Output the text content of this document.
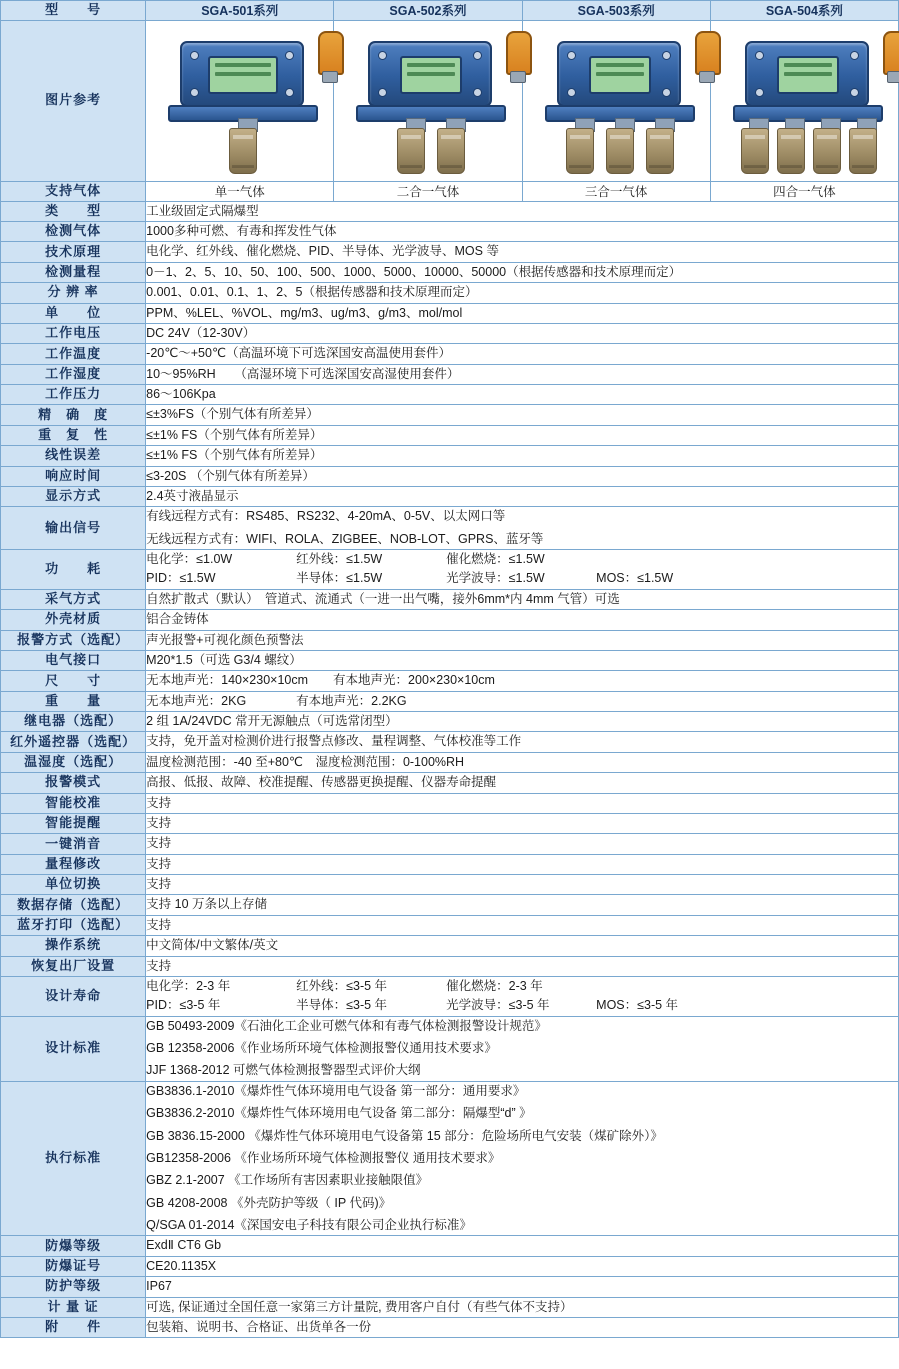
型　　号	SGA-501系列	SGA-502系列	SGA-503系列	SGA-504系列
图片参考	

支持气体	单一气体	二合一气体	三合一气体	四合一气体
类　　型	工业级固定式隔爆型			
检测气体	1000多种可燃、有毒和挥发性气体			
技术原理	电化学、红外线、催化燃烧、PID、半导体、光学波导、MOS 等			
检测量程	0－1、2、5、10、50、100、500、1000、5000、10000、50000（根据传感器和技术原理而定）			
分 辨 率	0.001、0.01、0.1、1、2、5（根据传感器和技术原理而定）			
单　　位	PPM、%LEL、%VOL、mg/m3、ug/m3、g/m3、mol/mol			
工作电压	DC 24V（12-30V）			
工作温度	-20℃～+50℃（高温环境下可选深国安高温使用套件）			
工作湿度	10～95%RH　　（高湿环境下可选深国安高湿使用套件）			
工作压力	86～106Kpa			
精　确　度	≤±3%FS（个别气体有所差异）			
重　复　性	≤±1% FS（个别气体有所差异）			
线性误差	≤±1% FS（个别气体有所差异）			
响应时间	≤3-20S （个别气体有所差异）			
显示方式	2.4英寸液晶显示			
输出信号	有线远程方式有：RS485、RS232、4-20mA、0-5V、以太网口等
无线远程方式有：WIFI、ROLA、ZIGBEE、NOB-LOT、GPRS、蓝牙等			

功　　耗	
电化学：≤1.0W	红外线：≤1.5W	催化燃烧：≤1.5W
PID：≤1.5W	半导体：≤1.5W	光学波导：≤1.5W	MOS：≤1.5W

采气方式	自然扩散式（默认）　管道式、流通式（一进一出气嘴，接外6mm*内 4mm 气管）可选			
外壳材质	铝合金铸体			
报警方式（选配）	声光报警+可视化颜色预警法			
电气接口	M20*1.5（可选 G3/4 螺纹）			
尺　　寸	无本地声光：140×230×10cm　　有本地声光：200×230×10cm			
重　　量	无本地声光：2KG　　　　有本地声光：2.2KG			
继电器（选配）	2 组 1A/24VDC 常开无源触点（可选常闭型）			
红外遥控器（选配）	支持，免开盖对检测价进行报警点修改、量程调整、气体校准等工作			
温湿度（选配）	温度检测范围：-40 至+80℃　湿度检测范围：0-100%RH			
报警模式	高报、低报、故障、校准提醒、传感器更换提醒、仪器寿命提醒			
智能校准	支持			
智能提醒	支持			
一键消音	支持			
量程修改	支持			
单位切换	支持			
数据存储（选配）	支持 10 万条以上存储			
蓝牙打印（选配）	支持			
操作系统	中文简体/中文繁体/英文			
恢复出厂设置	支持			
设计寿命	
电化学：2-3 年	红外线：≤3-5 年	催化燃烧：2-3 年
PID：≤3-5 年	半导体：≤3-5 年	光学波导：≤3-5 年	MOS：≤3-5 年

设计标准	GB 50493-2009《石油化工企业可燃气体和有毒气体检测报警设计规范》
GB 12358-2006《作业场所环境气体检测报警仪通用技术要求》
JJF 1368-2012 可燃气体检测报警器型式评价大纲			

执行标准	
GB3836.1-2010《爆炸性气体环境用电气设备 第一部分：通用要求》
GB3836.2-2010《爆炸性气体环境用电气设备 第二部分：隔爆型“d” 》
GB 3836.15-2000 《爆炸性气体环境用电气设备第 15 部分：危险场所电气安装（煤矿除外）》
GB12358-2006 《作业场所环境气体检测报警仪 通用技术要求》
GBZ 2.1-2007 《工作场所有害因素职业接触限值》
GB 4208-2008 《外壳防护等级（ IP 代码)》
Q/SGA 01-2014《深国安电子科技有限公司企业执行标准》

防爆等级	ExdⅡ CT6 Gb			
防爆证号	CE20.1135X			
防护等级	IP67			
计 量 证	可选, 保证通过全国任意一家第三方计量院, 费用客户自付（有些气体不支持）			
附　　件	包装箱、说明书、合格证、出货单各一份			
